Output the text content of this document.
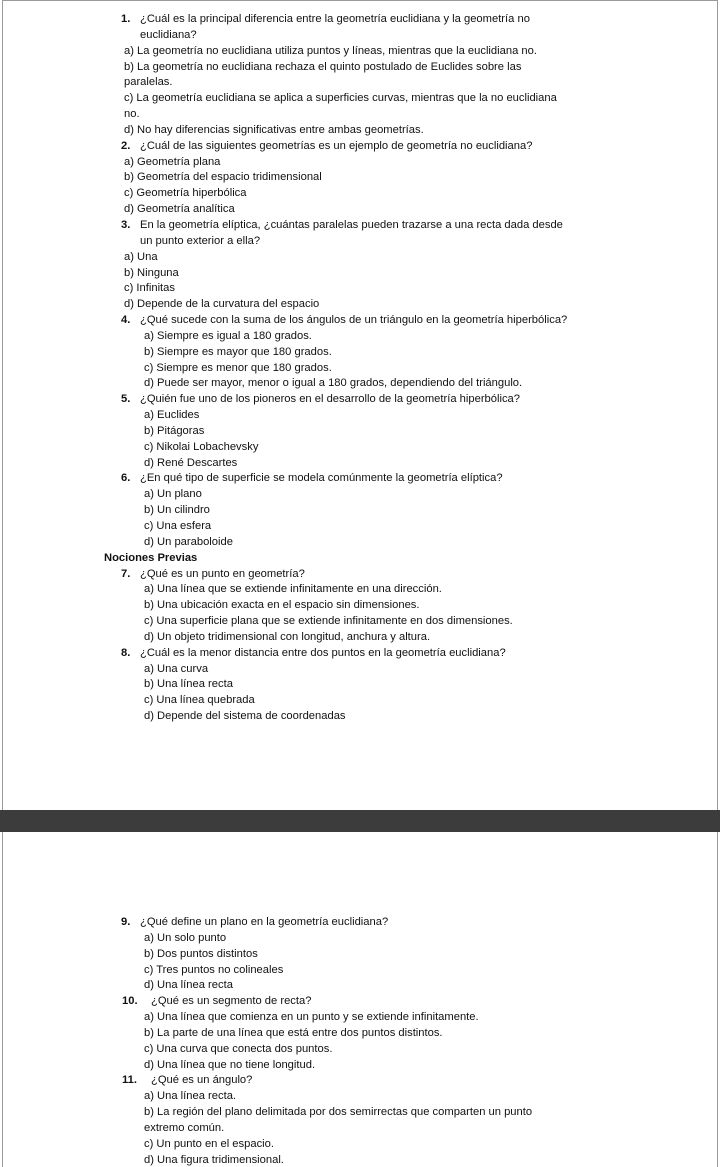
1. ¿Cuál es la principal diferencia entre la geometría euclidiana y la geometría no
euclidiana?
a) La geometría no euclidiana utiliza puntos y líneas, mientras que la euclidiana no.
b) La geometría no euclidiana rechaza el quinto postulado de Euclides sobre las
paralelas.
c) La geometría euclidiana se aplica a superficies curvas, mientras que la no euclidiana
no.
d) No hay diferencias significativas entre ambas geometrías.
2. ¿Cuál de las siguientes geometrías es un ejemplo de geometría no euclidiana?
a) Geometría plana
b) Geometría del espacio tridimensional
c) Geometría hiperbólica
d) Geometría analítica
3. En la geometría elíptica, ¿cuántas paralelas pueden trazarse a una recta dada desde
un punto exterior a ella?
a) Una
b) Ninguna
c) Infinitas
d) Depende de la curvatura del espacio
4. ¿Qué sucede con la suma de los ángulos de un triángulo en la geometría hiperbólica?
a) Siempre es igual a 180 grados.
b) Siempre es mayor que 180 grados.
c) Siempre es menor que 180 grados.
d) Puede ser mayor, menor o igual a 180 grados, dependiendo del triángulo.
5. ¿Quién fue uno de los pioneros en el desarrollo de la geometría hiperbólica?
a) Euclides
b) Pitágoras
c) Nikolai Lobachevsky
d) René Descartes
6. ¿En qué tipo de superficie se modela comúnmente la geometría elíptica?
a) Un plano
b) Un cilindro
c) Una esfera
d) Un paraboloide
Nociones Previas
7. ¿Qué es un punto en geometría?
a) Una línea que se extiende infinitamente en una dirección.
b) Una ubicación exacta en el espacio sin dimensiones.
c) Una superficie plana que se extiende infinitamente en dos dimensiones.
d) Un objeto tridimensional con longitud, anchura y altura.
8. ¿Cuál es la menor distancia entre dos puntos en la geometría euclidiana?
a) Una curva
b) Una línea recta
c) Una línea quebrada
d) Depende del sistema de coordenadas
9. ¿Qué define un plano en la geometría euclidiana?
a) Un solo punto
b) Dos puntos distintos
c) Tres puntos no colineales
d) Una línea recta
10. ¿Qué es un segmento de recta?
a) Una línea que comienza en un punto y se extiende infinitamente.
b) La parte de una línea que está entre dos puntos distintos.
c) Una curva que conecta dos puntos.
d) Una línea que no tiene longitud.
11. ¿Qué es un ángulo?
a) Una línea recta.
b) La región del plano delimitada por dos semirrectas que comparten un punto
extremo común.
c) Un punto en el espacio.
d) Una figura tridimensional.
